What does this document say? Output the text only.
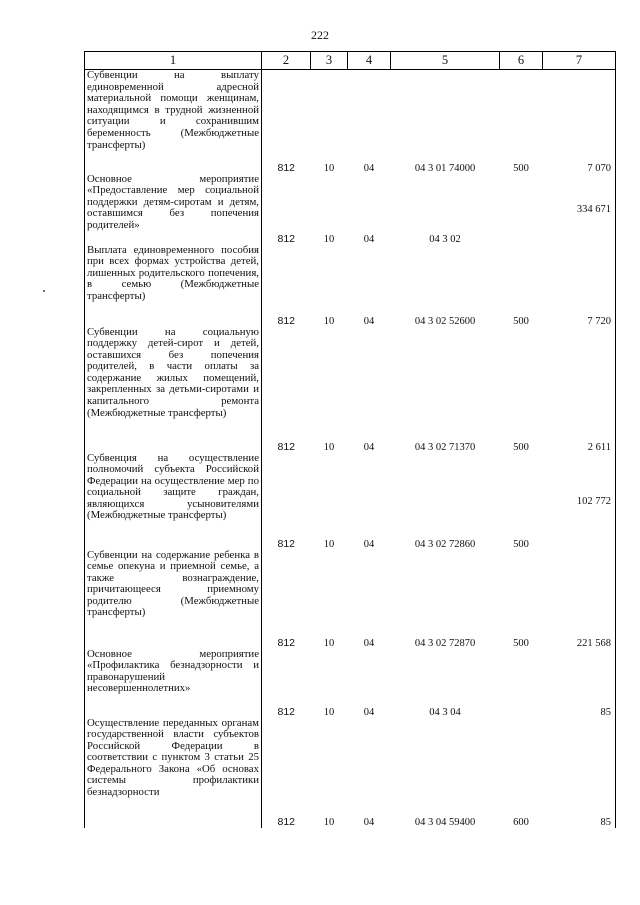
222
1	2	3	4	5	6	7
Субвенции на выплату единовременной адресной материальной помощи женщинам, находящимся в трудной жизненной ситуации и сохранившим беременность (Межбюджетные трансферты)	812	10	04	04 3 01 74000	500	7 070
Основное мероприятие «Предоставление мер социальной поддержки детям-сиротам и детям, оставшимся без попечения родителей»	812	10	04	04 3 02		334 671
Выплата единовременного пособия при всех формах устройства детей, лишенных родительского попечения, в семью (Межбюджетные трансферты)	812	10	04	04 3 02 52600	500	7 720
Субвенции на социальную поддержку детей-сирот и детей, оставшихся без попечения родителей, в части оплаты за содержание жилых помещений, закрепленных за детьми-сиротами и капитального ремонта (Межбюджетные трансферты)	812	10	04	04 3 02 71370	500	2 611
Субвенция на осуществление полномочий субъекта Российской Федерации на осуществление мер по социальной защите граждан, являющихся усыновителями (Межбюджетные трансферты)	812	10	04	04 3 02 72860	500	102 772
Субвенции на содержание ребенка в семье опекуна и приемной семье, а также вознаграждение, причитающееся приемному родителю (Межбюджетные трансферты)	812	10	04	04 3 02 72870	500	221 568
Основное мероприятие «Профилактика безнадзорности и правонарушений несовершеннолетних»	812	10	04	04 3 04		85
Осуществление переданных органам государственной власти субъектов Российской Федерации в соответствии с пунктом 3 статьи 25 Федерального Закона «Об основах системы профилактики безнадзорности	812	10	04	04 3 04 59400	600	85
